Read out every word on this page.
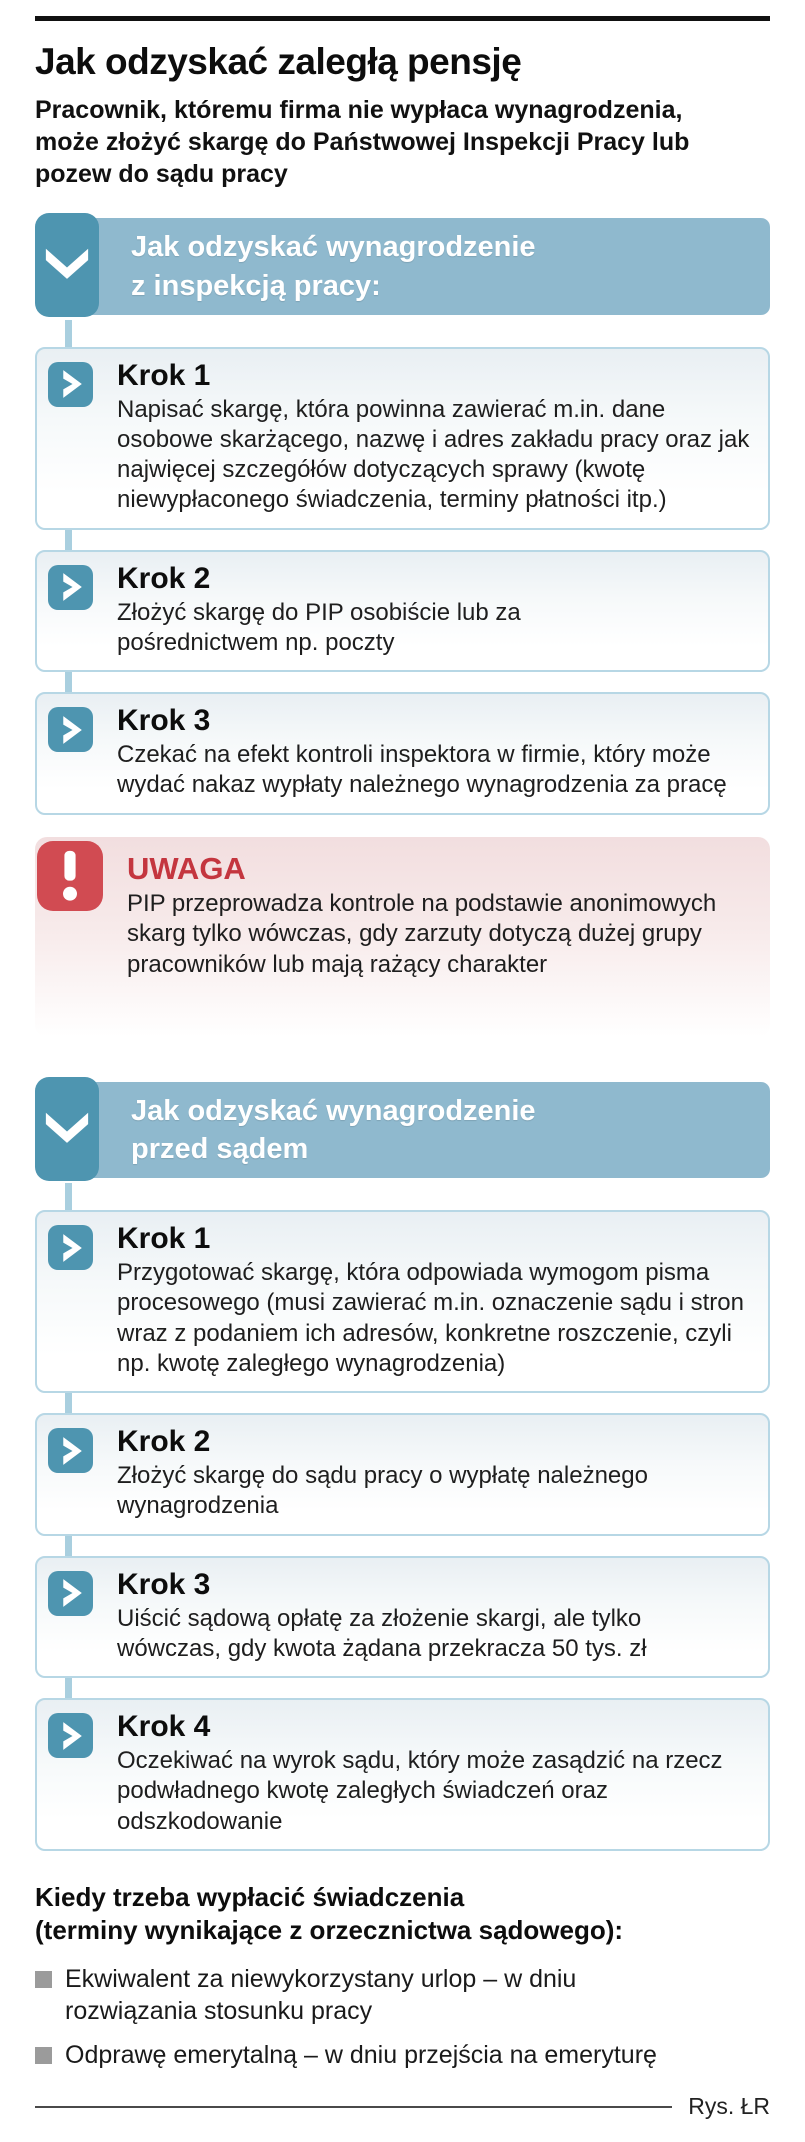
Jak odzyskać zaległą pensję

Pracownik, któremu firma nie wypłaca wynagrodzenia, może złożyć skargę do Państwowej Inspekcji Pracy lub pozew do sądu pracy

Jak odzyskać wynagrodzenie
z inspekcją pracy:
Krok 1

Napisać skargę, która powinna zawierać m.in. dane osobowe skarżącego, nazwę i adres zakładu pracy oraz jak najwięcej szczegółów dotyczących sprawy (kwotę niewypłaconego świadczenia, terminy płatności itp.)

Krok 2

Złożyć skargę do PIP osobiście lub za pośrednictwem np. poczty

Krok 3

Czekać na efekt kontroli inspektora w firmie, który może wydać nakaz wypłaty należnego wynagrodzenia za pracę

UWAGA

PIP przeprowadza kontrole na podstawie anonimowych skarg tylko wówczas, gdy zarzuty dotyczą dużej grupy pracowników lub mają rażący charakter

Jak odzyskać wynagrodzenie
przed sądem
Krok 1

Przygotować skargę, która odpowiada wymogom pisma procesowego (musi zawierać m.in. oznaczenie sądu i stron wraz z podaniem ich adresów, konkretne roszczenie, czyli np. kwotę zaległego wynagrodzenia)

Krok 2

Złożyć skargę do sądu pracy o wypłatę należnego wynagrodzenia

Krok 3

Uiścić sądową opłatę za złożenie skargi, ale tylko wówczas, gdy kwota żądana przekracza 50 tys. zł

Krok 4

Oczekiwać na wyrok sądu, który może zasądzić na rzecz podwładnego kwotę zaległych świadczeń oraz odszkodowanie

Kiedy trzeba wypłacić świadczenia
(terminy wynikające z orzecznictwa sądowego):
Ekwiwalent za niewykorzystany urlop – w dniu rozwiązania stosunku pracy
Odprawę emerytalną – w dniu przejścia na emeryturę
Rys. ŁR
